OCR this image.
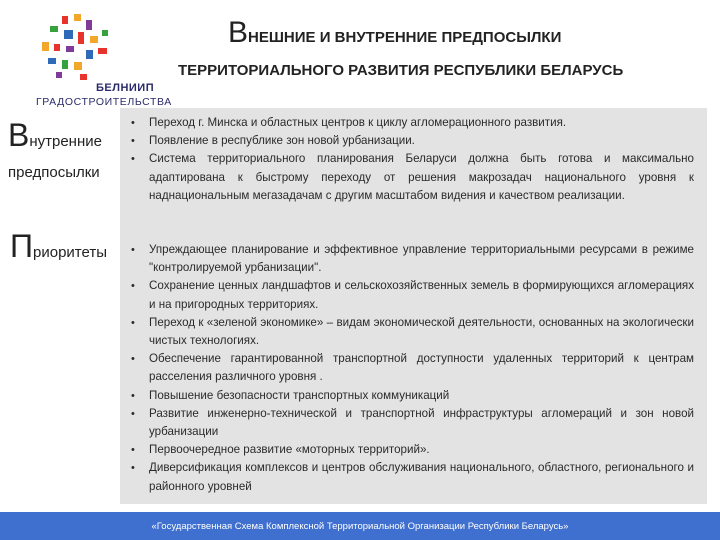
БЕЛНИИП
ГРАДОСТРОИТЕЛЬСТВА
ВНЕШНИЕ И ВНУТРЕННИЕ ПРЕДПОСЫЛКИ
ТЕРРИТОРИАЛЬНОГО РАЗВИТИЯ РЕСПУБЛИКИ БЕЛАРУСЬ
Внутренние
предпосылки
Приоритеты
• Переход г. Минска и областных центров к циклу агломерационного развития.
• Появление в республике зон новой урбанизации.
• Система территориального планирования Беларуси должна быть готова и максимально адаптирована к быстрому переходу от решения макрозадач национального уровня к наднациональным мегазадачам с другим масштабом видения и качеством реализации.
• Упреждающее планирование и эффективное управление территориальными ресурсами в режиме "контролируемой урбанизации".
• Сохранение ценных ландшафтов и сельскохозяйственных земель в формирующихся агломерациях и на пригородных территориях.
• Переход к «зеленой экономике» – видам экономической деятельности, основанных на экологически чистых технологиях.
• Обеспечение гарантированной транспортной доступности удаленных территорий к центрам расселения различного уровня .
• Повышение безопасности транспортных коммуникаций
• Развитие инженерно-технической и транспортной инфраструктуры агломераций и зон новой урбанизации
• Первоочередное развитие «моторных территорий».
• Диверсификация комплексов и центров обслуживания национального, областного, регионального и районного уровней
«Государственная Схема Комплексной Территориальной Организации Республики Беларусь»
